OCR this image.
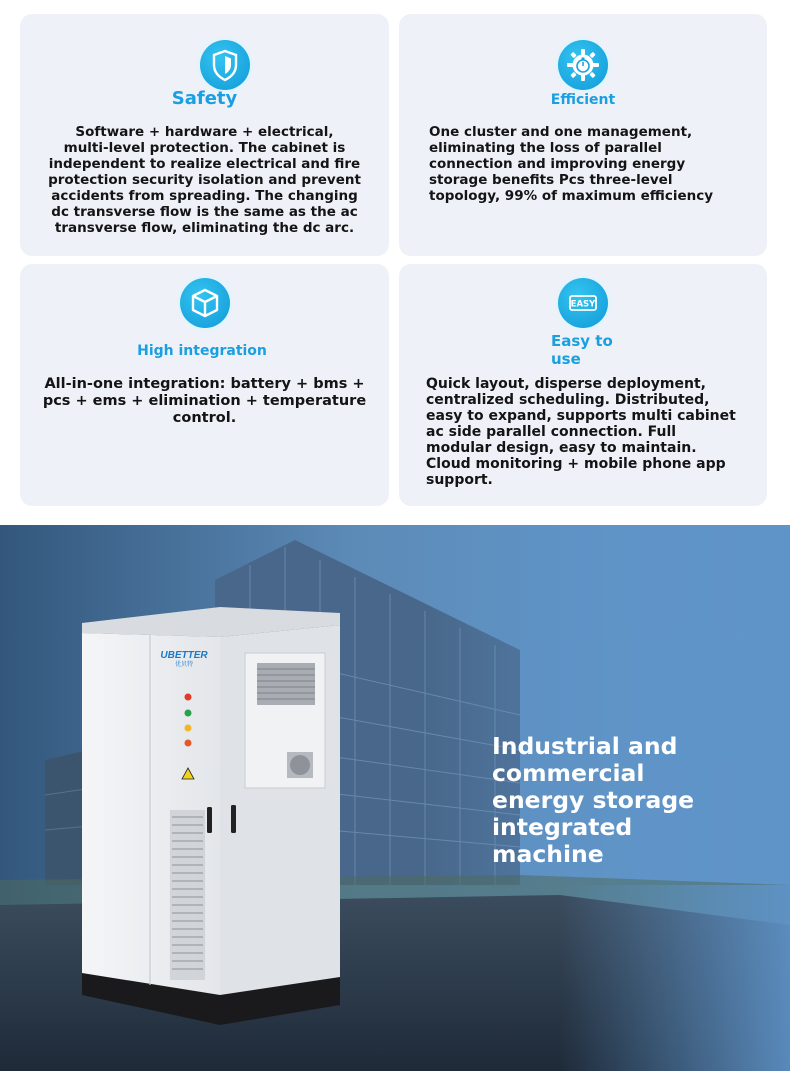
Safety
Software + hardware + electrical,
multi-level protection. The cabinet is
independent to realize electrical and fire
protection security isolation and prevent
accidents from spreading. The changing
dc transverse flow is the same as the ac
transverse flow, eliminating the dc arc.
Efficient
One cluster and one management,
eliminating the loss of parallel
connection and improving energy
storage benefits Pcs three-level
topology, 99% of maximum efficiency
High integration
All-in-one integration: battery + bms +
pcs + ems + elimination + temperature
control.
EASY
Easy to
use
Quick layout, disperse deployment,
centralized scheduling. Distributed,
easy to expand, supports multi cabinet
ac side parallel connection. Full
modular design, easy to maintain.
Cloud monitoring + mobile phone app
support.
UBETTER
优贝特
Industrial and
commercial
energy storage
integrated
machine
